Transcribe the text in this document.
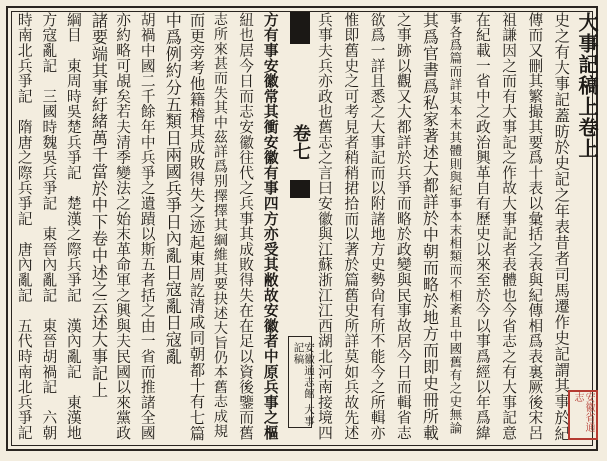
大事記稿上卷上
史之有大事記蓋昉於史記之年表昔者司馬遷作史記謂其事於紀
傳而又刪其繁撮其要爲十表以彙括之表與紀傳相爲表裏厥後宋呂
祖謙因之而有大事記之作故大事記者表體也今省志之有大事記意
在紀載一省中之政治興革自有歷史以來至於今以事爲經以年爲緯
事各爲篇而詳其本末其體則與紀事本末相類而不相紊且中國舊有之史無論
其爲官書爲私家著述大都詳於中朝而略於地方而即史冊所載
之事跡以觀又大都詳於兵爭而略於政變與民事故居今日而輯省志
欲爲一詳且悉之大事記而以附諸地方史勢尙有所不能今之所輯亦
惟即舊史之可考見者稍稍捃拾而以著於篇舊史所詳莫如兵故先述
兵事夫兵亦政也舊志之言曰安徽與江蘇浙江江西湖北河南接境四
卷七
安徽通志館 大事記稿
方有事安徽常其衝安徽有事四方亦受其敝故安徽者中原兵事之樞
紐也居今日而志安徽往代之兵事其成敗得失在在足以資後鑒而舊
志所來甚而失其中茲詳爲別擇擇其綱維其要抉述大旨仍本舊志成規
而更旁考他籍稽其成敗得失之迹起東周訖清咸同朝都十有七篇
中爲例約分五類日兩國兵爭日內亂日寇亂日寇亂
胡禍中國二千餘年中兵爭之遺蹟以斯五者括之由一省而推諸全國
亦約略可覘矣若夫清季變法之始末革命軍之興與夫民國以來黨政
諸要端其事紆緒萬千當於中下卷中述之云述大事記上
綱目　東周時吳楚兵爭記　楚漢之際兵爭記　漢內亂記　東漢地
方寇亂記　三國時魏吳兵爭記　東晉內亂記　東晉胡禍記　六朝
時南北兵爭記　隋唐之際兵爭記　唐內亂記　五代時南北兵爭記	安徽省通志
